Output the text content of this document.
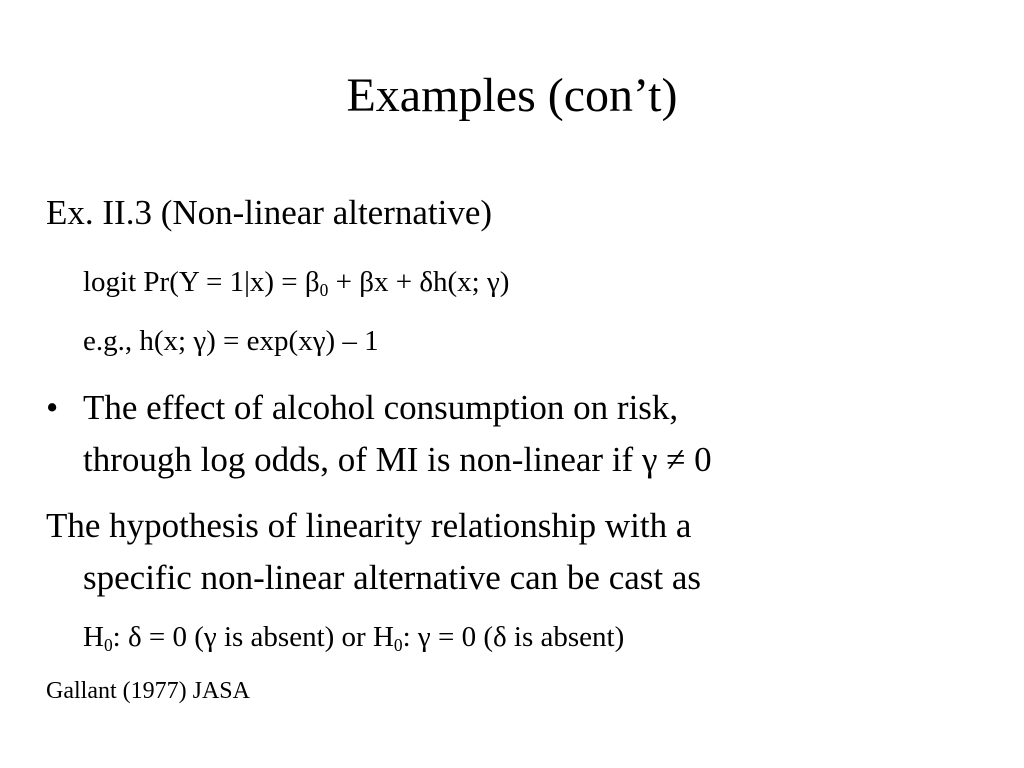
Examples (con’t)
Ex. II.3 (Non-linear alternative)
logit $Pr(Y = 1|x) = \beta_0 + \beta x + \delta h(x$; γ)
e.g., h(x; γ) = exp(xγ) – 1
• The effect of alcohol consumption on risk,
through log odds, of MI is non-linear if γ ≠ 0
The hypothesis of linearity relationship with a
specific non-linear alternative can be cast as
$H_0$: δ = 0 (γ is absent) or $H_0$: γ = 0 (δ is absent)
Gallant (1977) JASA
